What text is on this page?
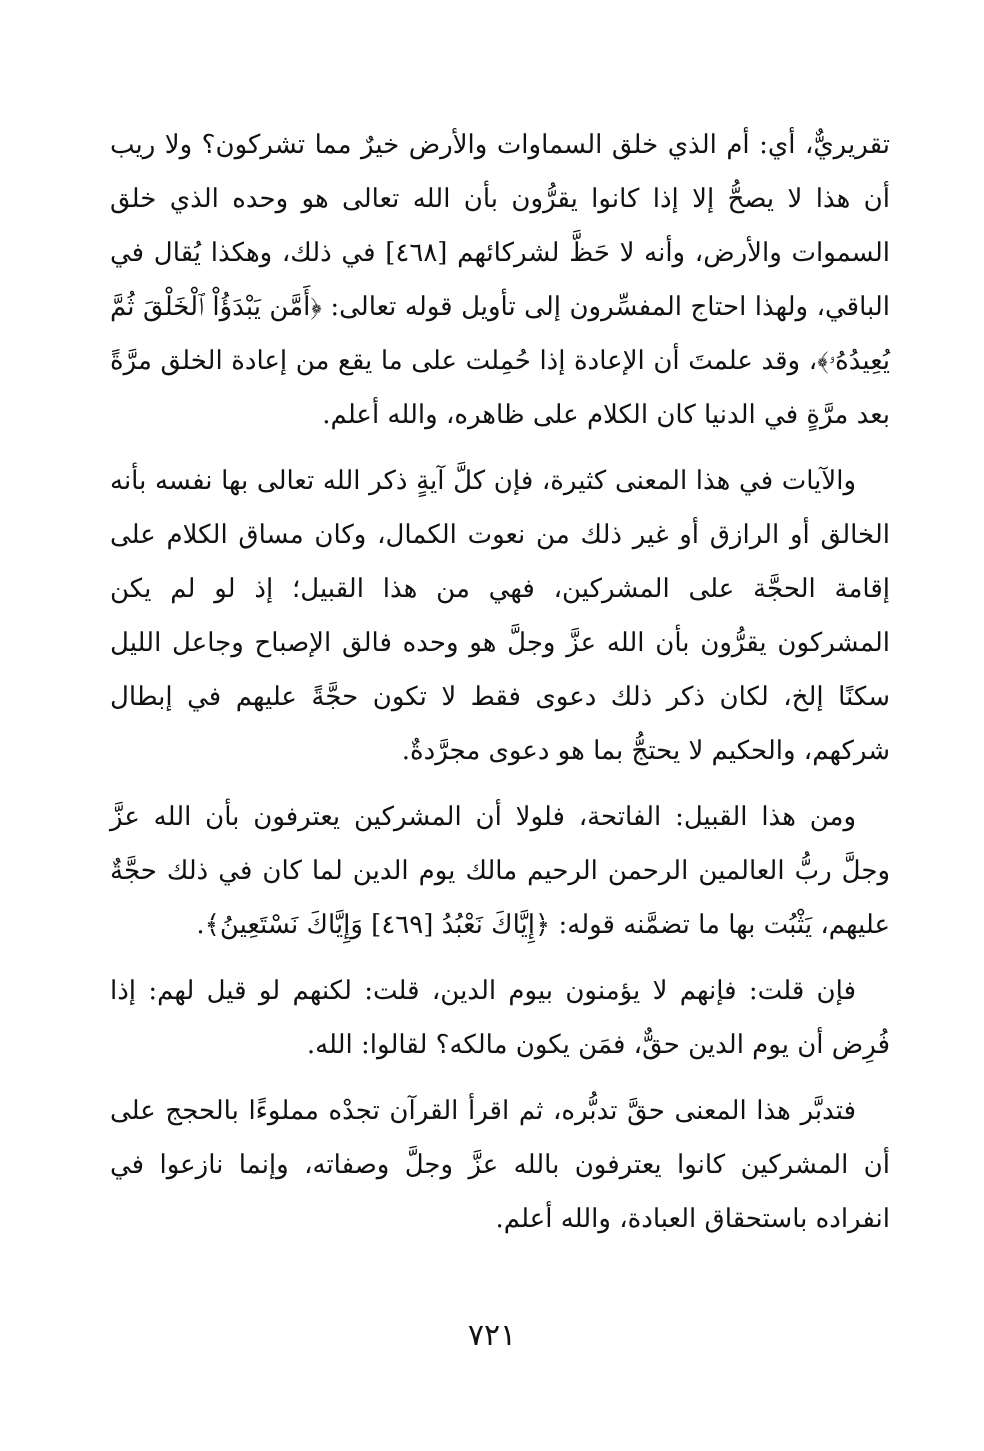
تقريريٌّ، أي: أم الذي خلق السماوات والأرض خيرٌ مما تشركون؟ ولا ريب أن هذا لا يصحُّ إلا إذا كانوا يقرُّون بأن الله تعالى هو وحده الذي خلق السموات والأرض، وأنه لا حَظَّ لشركائهم [٤٦٨] في ذلك، وهكذا يُقال في الباقي، ولهذا احتاج المفسِّرون إلى تأويل قوله تعالى: ﴿أَمَّن يَبْدَؤُاْ ٱلْخَلْقَ ثُمَّ يُعِيدُهُۥ﴾، وقد علمتَ أن الإعادة إذا حُمِلت على ما يقع من إعادة الخلق مرَّةً بعد مرَّةٍ في الدنيا كان الكلام على ظاهره، والله أعلم.

والآيات في هذا المعنى كثيرة، فإن كلَّ آيةٍ ذكر الله تعالى بها نفسه بأنه الخالق أو الرازق أو غير ذلك من نعوت الكمال، وكان مساق الكلام على إقامة الحجَّة على المشركين، فهي من هذا القبيل؛ إذ لو لم يكن المشركون يقرُّون بأن الله عزَّ وجلَّ هو وحده فالق الإصباح وجاعل الليل سكنًا إلخ، لكان ذكر ذلك دعوى فقط لا تكون حجَّةً عليهم في إبطال شركهم، والحكيم لا يحتجُّ بما هو دعوى مجرَّدةٌ.

ومن هذا القبيل: الفاتحة، فلولا أن المشركين يعترفون بأن الله عزَّ وجلَّ ربُّ العالمين الرحمن الرحيم مالك يوم الدين لما كان في ذلك حجَّةٌ عليهم، يَثْبُت بها ما تضمَّنه قوله: ﴿إِيَّاكَ نَعْبُدُ [٤٦٩] وَإِيَّاكَ نَسْتَعِينُ﴾.

فإن قلت: فإنهم لا يؤمنون بيوم الدين، قلت: لكنهم لو قيل لهم: إذا فُرِض أن يوم الدين حقٌّ، فمَن يكون مالكه؟ لقالوا: الله.

فتدبَّر هذا المعنى حقَّ تدبُّره، ثم اقرأ القرآن تجدْه مملوءًا بالحجج على أن المشركين كانوا يعترفون بالله عزَّ وجلَّ وصفاته، وإنما نازعوا في انفراده باستحقاق العبادة، والله أعلم.

٧٢١
